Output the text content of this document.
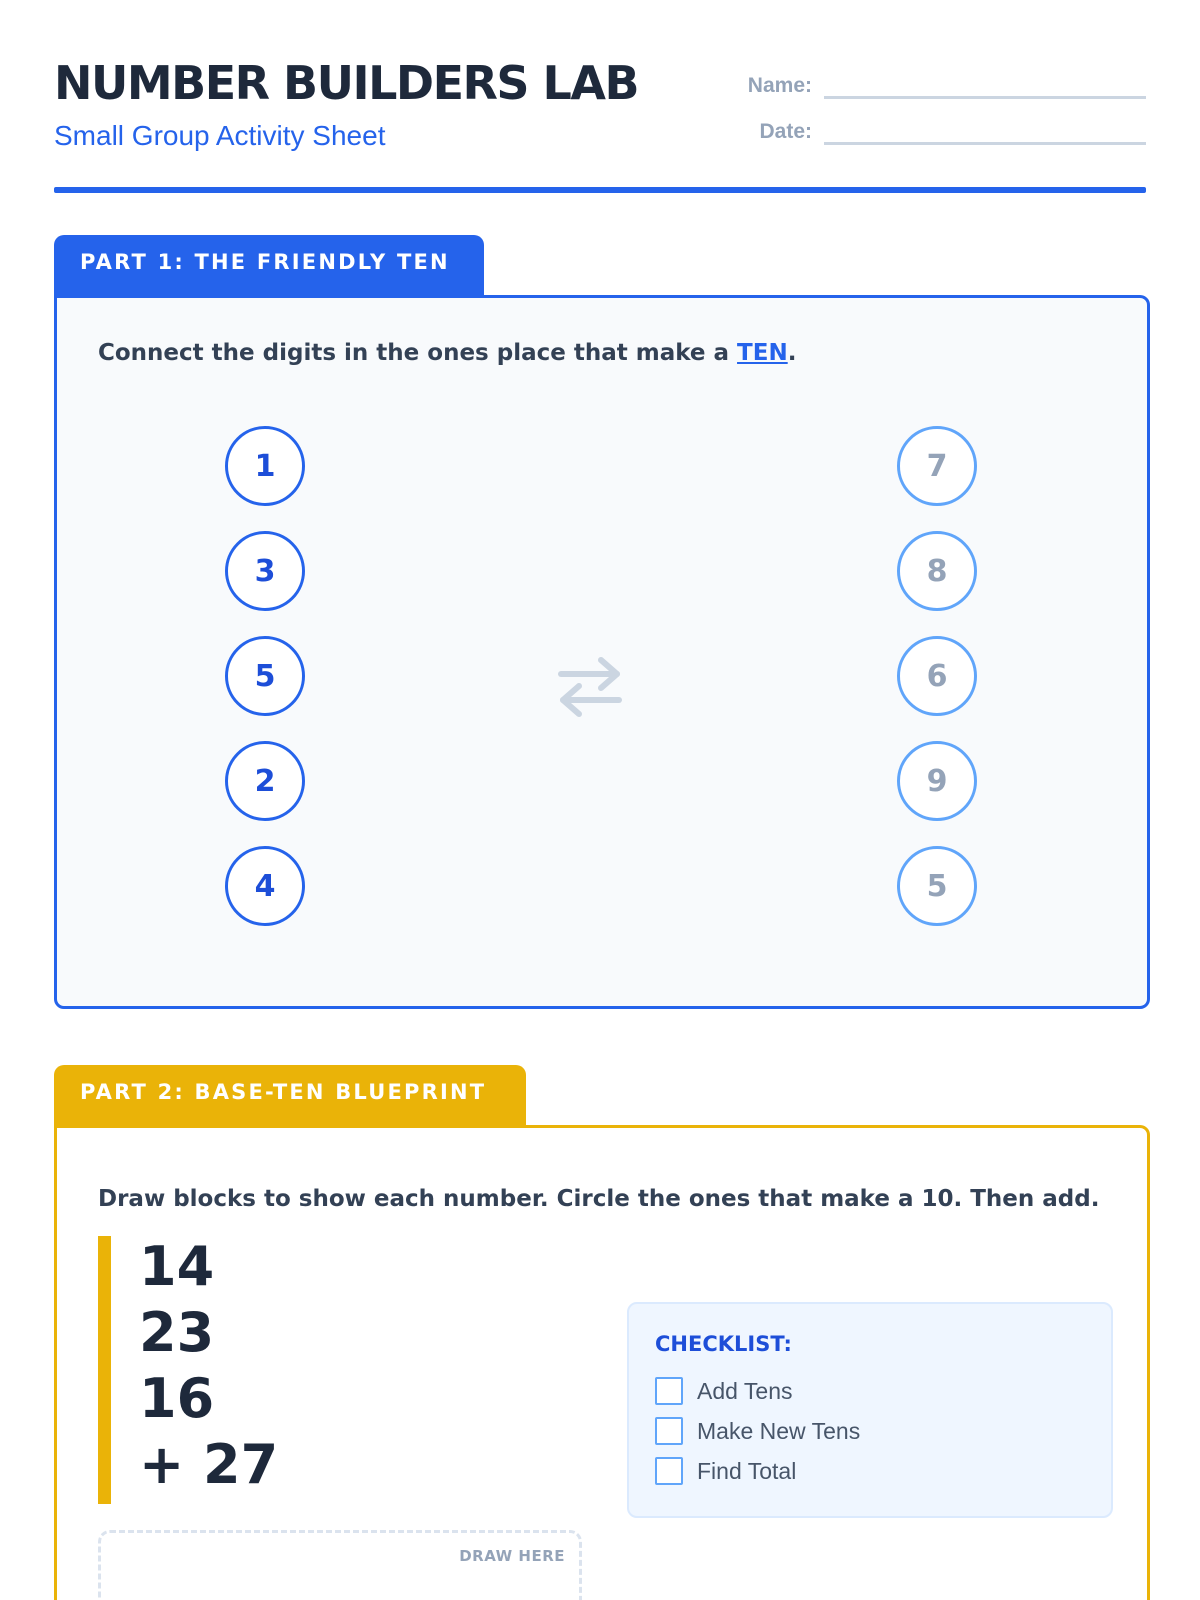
NUMBER BUILDERS LAB
Small Group Activity Sheet
Name:
Date:
PART 1: THE FRIENDLY TEN
Connect the digits in the ones place that make a TEN.
1
3
5
2
4
7
8
6
9
5
PART 2: BASE-TEN BLUEPRINT
Draw blocks to show each number. Circle the ones that make a 10. Then add.
14
23
16
+ 27
CHECKLIST:
Add Tens
Make New Tens
Find Total
DRAW HERE
